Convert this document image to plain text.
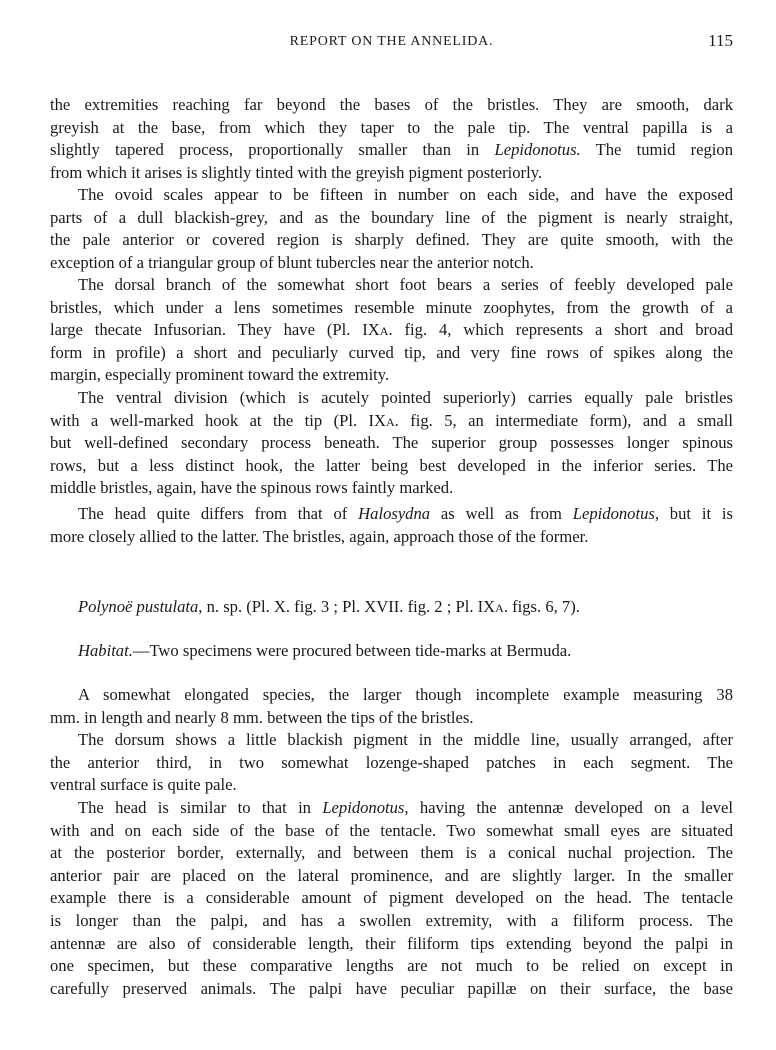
REPORT ON THE ANNELIDA.	115
the extremities reaching far beyond the bases of the bristles. They are smooth, dark
greyish at the base, from which they taper to the pale tip. The ventral papilla is a
slightly tapered process, proportionally smaller than in Lepidonotus. The tumid region
from which it arises is slightly tinted with the greyish pigment posteriorly.
The ovoid scales appear to be fifteen in number on each side, and have the exposed
parts of a dull blackish-grey, and as the boundary line of the pigment is nearly straight,
the pale anterior or covered region is sharply defined. They are quite smooth, with the
exception of a triangular group of blunt tubercles near the anterior notch.
The dorsal branch of the somewhat short foot bears a series of feebly developed pale
bristles, which under a lens sometimes resemble minute zoophytes, from the growth of a
large thecate Infusorian. They have (Pl. IXa. fig. 4, which represents a short and broad
form in profile) a short and peculiarly curved tip, and very fine rows of spikes along the
margin, especially prominent toward the extremity.
The ventral division (which is acutely pointed superiorly) carries equally pale bristles
with a well-marked hook at the tip (Pl. IXa. fig. 5, an intermediate form), and a small
but well-defined secondary process beneath. The superior group possesses longer spinous
rows, but a less distinct hook, the latter being best developed in the inferior series. The
middle bristles, again, have the spinous rows faintly marked.
The head quite differs from that of Halosydna as well as from Lepidonotus, but it is
more closely allied to the latter. The bristles, again, approach those of the former.
Polynoë pustulata, n. sp. (Pl. X. fig. 3 ; Pl. XVII. fig. 2 ; Pl. IXa. figs. 6, 7).
Habitat.—Two specimens were procured between tide-marks at Bermuda.
A somewhat elongated species, the larger though incomplete example measuring 38
mm. in length and nearly 8 mm. between the tips of the bristles.
The dorsum shows a little blackish pigment in the middle line, usually arranged, after
the anterior third, in two somewhat lozenge-shaped patches in each segment. The
ventral surface is quite pale.
The head is similar to that in Lepidonotus, having the antennæ developed on a level
with and on each side of the base of the tentacle. Two somewhat small eyes are situated
at the posterior border, externally, and between them is a conical nuchal projection. The
anterior pair are placed on the lateral prominence, and are slightly larger. In the smaller
example there is a considerable amount of pigment developed on the head. The tentacle
is longer than the palpi, and has a swollen extremity, with a filiform process. The
antennæ are also of considerable length, their filiform tips extending beyond the palpi in
one specimen, but these comparative lengths are not much to be relied on except in
carefully preserved animals. The palpi have peculiar papillæ on their surface, the base
